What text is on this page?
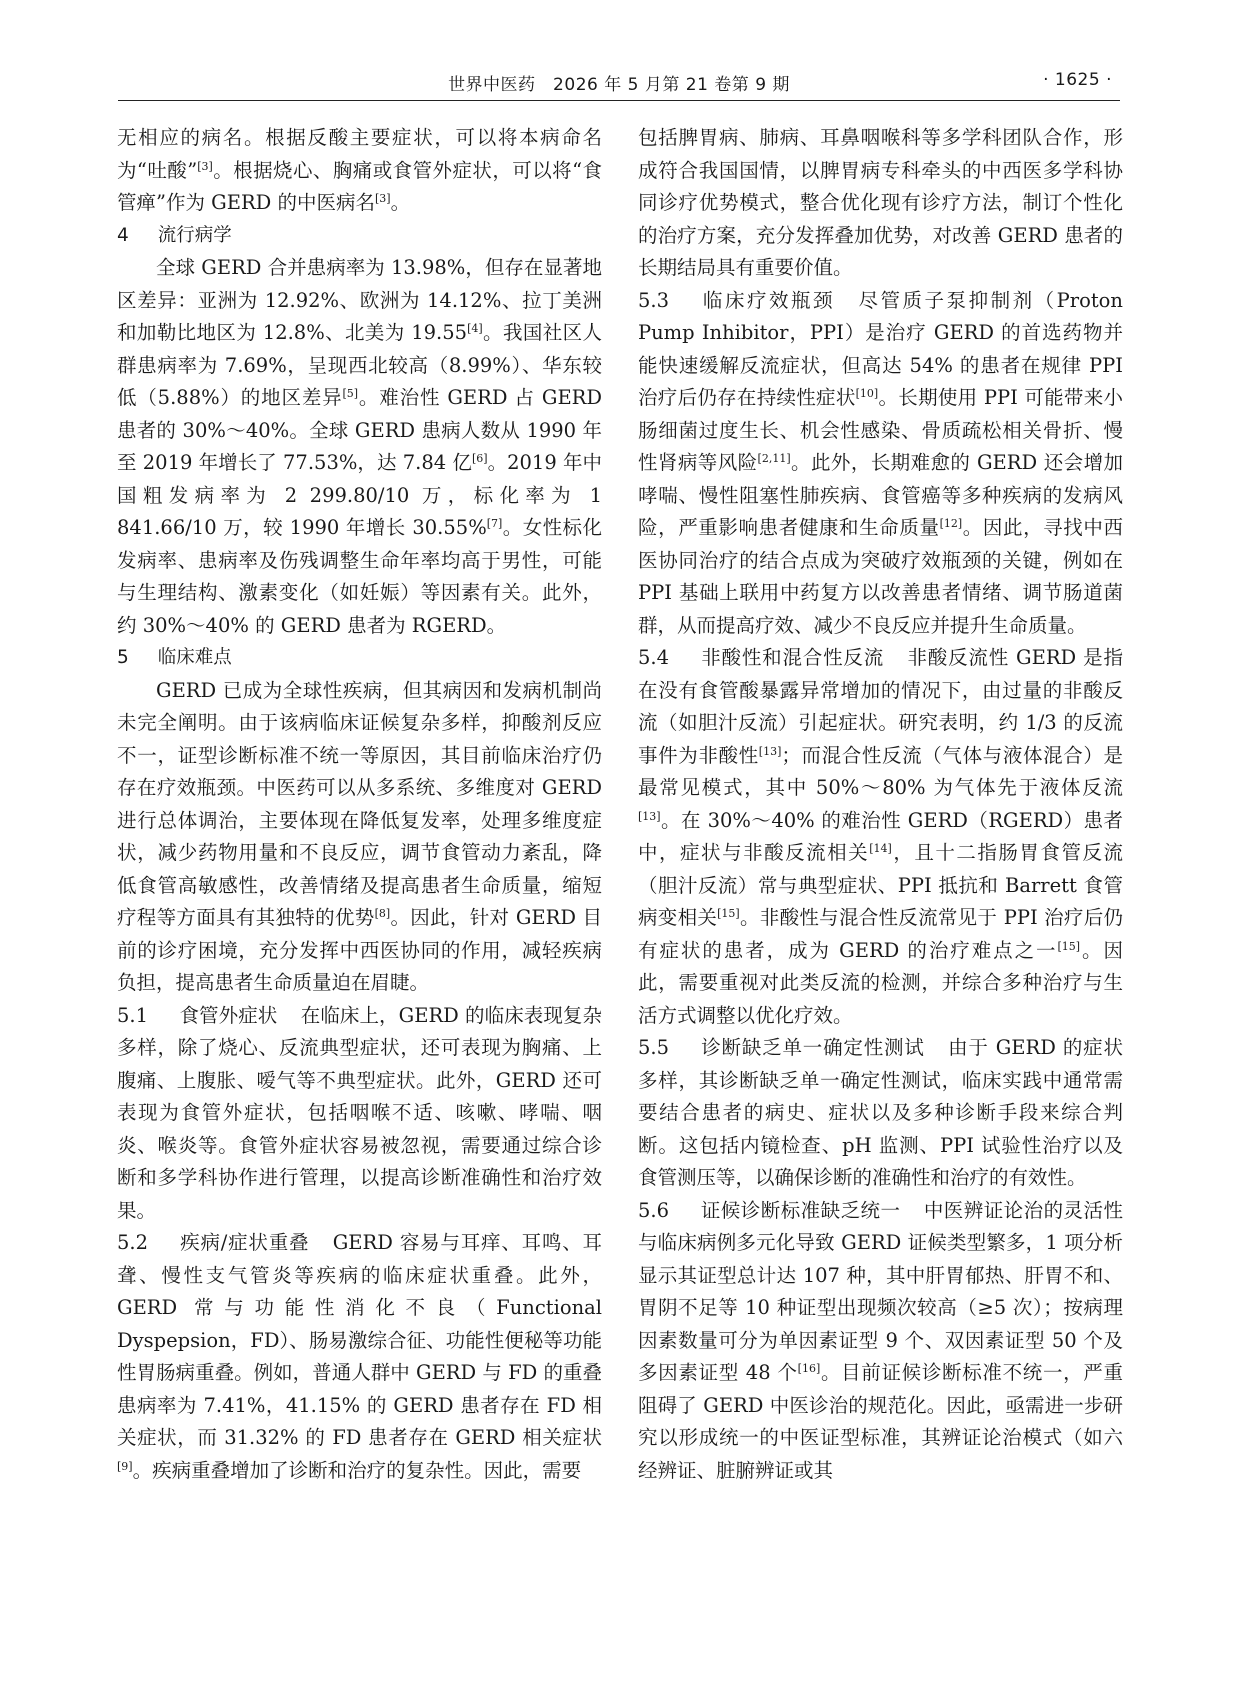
世界中医药　2026 年 5 月第 21 卷第 9 期	· 1625 ·

无相应的病名。根据反酸主要症状，可以将本病命名为“吐酸”[3]。根据烧心、胸痛或食管外症状，可以将“食管瘅”作为 GERD 的中医病名[3]。

4 流行病学

全球 GERD 合并患病率为 13.98%，但存在显著地区差异：亚洲为 12.92%、欧洲为 14.12%、拉丁美洲和加勒比地区为 12.8%、北美为 19.55[4]。我国社区人群患病率为 7.69%，呈现西北较高（8.99%）、华东较低（5.88%）的地区差异[5]。难治性 GERD 占 GERD 患者的 30%～40%。全球 GERD 患病人数从 1990 年至 2019 年增长了 77.53%，达 7.84 亿[6]。2019 年中国粗发病率为 2 299.80/10 万，标化率为 1 841.66/10 万，较 1990 年增长 30.55%[7]。女性标化发病率、患病率及伤残调整生命年率均高于男性，可能与生理结构、激素变化（如妊娠）等因素有关。此外，约 30%～40% 的 GERD 患者为 RGERD。

5 临床难点

GERD 已成为全球性疾病，但其病因和发病机制尚未完全阐明。由于该病临床证候复杂多样，抑酸剂反应不一，证型诊断标准不统一等原因，其目前临床治疗仍存在疗效瓶颈。中医药可以从多系统、多维度对 GERD 进行总体调治，主要体现在降低复发率，处理多维度症状，减少药物用量和不良反应，调节食管动力紊乱，降低食管高敏感性，改善情绪及提高患者生命质量，缩短疗程等方面具有其独特的优势[8]。因此，针对 GERD 目前的诊疗困境，充分发挥中西医协同的作用，减轻疾病负担，提高患者生命质量迫在眉睫。

5.1 食管外症状 在临床上，GERD 的临床表现复杂多样，除了烧心、反流典型症状，还可表现为胸痛、上腹痛、上腹胀、嗳气等不典型症状。此外，GERD 还可表现为食管外症状，包括咽喉不适、咳嗽、哮喘、咽炎、喉炎等。食管外症状容易被忽视，需要通过综合诊断和多学科协作进行管理，以提高诊断准确性和治疗效果。

5.2 疾病/症状重叠 GERD 容易与耳痒、耳鸣、耳聋、慢性支气管炎等疾病的临床症状重叠。此外，GERD 常与功能性消化不良（Functional Dyspepsion，FD）、肠易激综合征、功能性便秘等功能性胃肠病重叠。例如，普通人群中 GERD 与 FD 的重叠患病率为 7.41%，41.15% 的 GERD 患者存在 FD 相关症状，而 31.32% 的 FD 患者存在 GERD 相关症状[9]。疾病重叠增加了诊断和治疗的复杂性。因此，需要

包括脾胃病、肺病、耳鼻咽喉科等多学科团队合作，形成符合我国国情，以脾胃病专科牵头的中西医多学科协同诊疗优势模式，整合优化现有诊疗方法，制订个性化的治疗方案，充分发挥叠加优势，对改善 GERD 患者的长期结局具有重要价值。

5.3 临床疗效瓶颈 尽管质子泵抑制剂（Proton Pump Inhibitor，PPI）是治疗 GERD 的首选药物并能快速缓解反流症状，但高达 54% 的患者在规律 PPI 治疗后仍存在持续性症状[10]。长期使用 PPI 可能带来小肠细菌过度生长、机会性感染、骨质疏松相关骨折、慢性肾病等风险[2,11]。此外，长期难愈的 GERD 还会增加哮喘、慢性阻塞性肺疾病、食管癌等多种疾病的发病风险，严重影响患者健康和生命质量[12]。因此，寻找中西医协同治疗的结合点成为突破疗效瓶颈的关键，例如在 PPI 基础上联用中药复方以改善患者情绪、调节肠道菌群，从而提高疗效、减少不良反应并提升生命质量。

5.4 非酸性和混合性反流 非酸反流性 GERD 是指在没有食管酸暴露异常增加的情况下，由过量的非酸反流（如胆汁反流）引起症状。研究表明，约 1/3 的反流事件为非酸性[13]；而混合性反流（气体与液体混合）是最常见模式，其中 50%～80% 为气体先于液体反流[13]。在 30%～40% 的难治性 GERD（RGERD）患者中，症状与非酸反流相关[14]，且十二指肠胃食管反流（胆汁反流）常与典型症状、PPI 抵抗和 Barrett 食管病变相关[15]。非酸性与混合性反流常见于 PPI 治疗后仍有症状的患者，成为 GERD 的治疗难点之一[15]。因此，需要重视对此类反流的检测，并综合多种治疗与生活方式调整以优化疗效。

5.5 诊断缺乏单一确定性测试 由于 GERD 的症状多样，其诊断缺乏单一确定性测试，临床实践中通常需要结合患者的病史、症状以及多种诊断手段来综合判断。这包括内镜检查、pH 监测、PPI 试验性治疗以及食管测压等，以确保诊断的准确性和治疗的有效性。

5.6 证候诊断标准缺乏统一 中医辨证论治的灵活性与临床病例多元化导致 GERD 证候类型繁多，1 项分析显示其证型总计达 107 种，其中肝胃郁热、肝胃不和、胃阴不足等 10 种证型出现频次较高（≥5 次）；按病理因素数量可分为单因素证型 9 个、双因素证型 50 个及多因素证型 48 个[16]。目前证候诊断标准不统一，严重阻碍了 GERD 中医诊治的规范化。因此，亟需进一步研究以形成统一的中医证型标准，其辨证论治模式（如六经辨证、脏腑辨证或其
